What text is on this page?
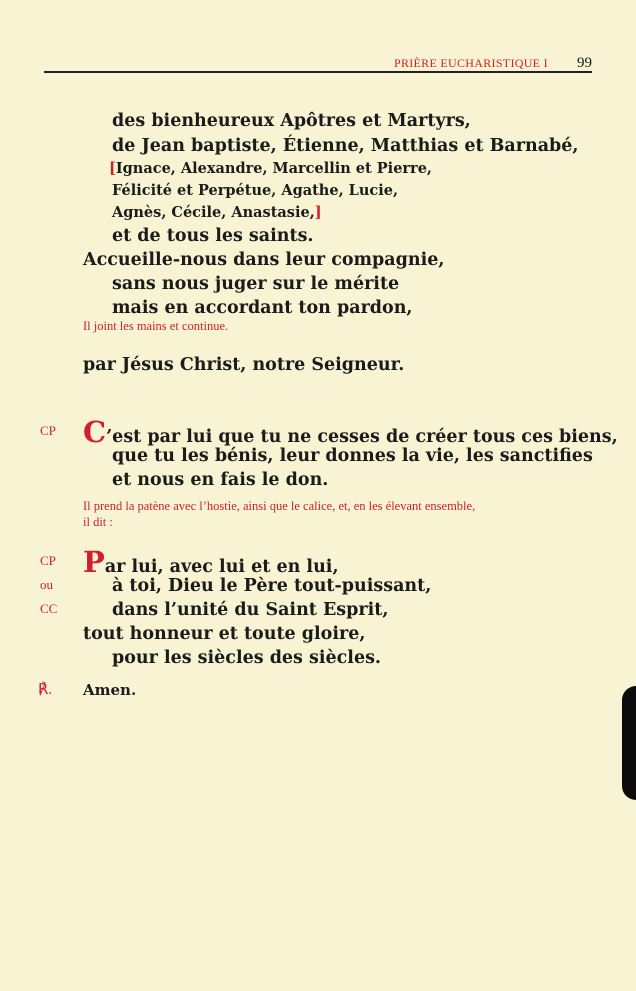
PRIÈRE EUCHARISTIQUE I 99
des bienheureux Apôtres et Martyrs,
de Jean baptiste, Étienne, Matthias et Barnabé,
[Ignace, Alexandre, Marcellin et Pierre,
Félicité et Perpétue, Agathe, Lucie,
Agnès, Cécile, Anastasie,]
et de tous les saints.
Accueille-nous dans leur compagnie,
sans nous juger sur le mérite
mais en accordant ton pardon,
Il joint les mains et continue.
par Jésus Christ, notre Seigneur.
CP C’est par lui que tu ne cesses de créer tous ces biens,
que tu les bénis, leur donnes la vie, les sanctifies
et nous en fais le don.
Il prend la patène avec l’hostie, ainsi que le calice, et, en les élevant ensemble,
il dit :
CP
ou
CC
Par lui, avec lui et en lui,
à toi, Dieu le Père tout-puissant,
dans l’unité du Saint Esprit,
tout honneur et toute gloire,
pour les siècles des siècles.
℟. Amen.
